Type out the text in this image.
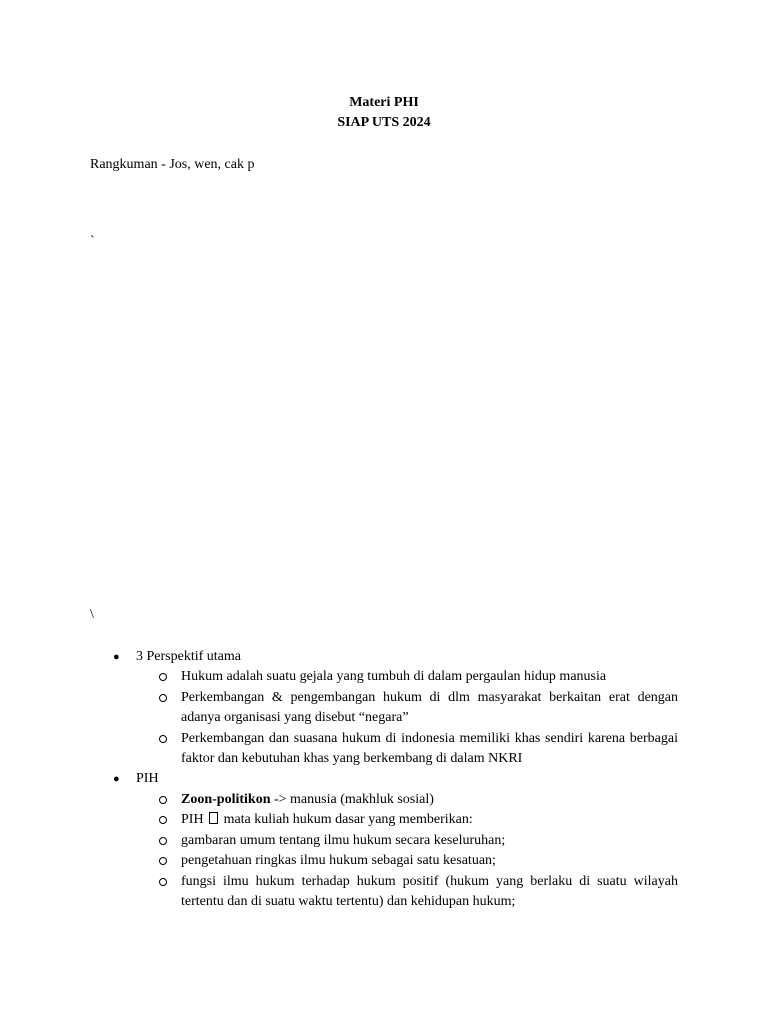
Materi PHI
SIAP UTS 2024
Rangkuman - Jos, wen, cak p
`
\
● 3 Perspektif utama
Hukum adalah suatu gejala yang tumbuh di dalam pergaulan hidup manusia
Perkembangan & pengembangan hukum di dlm masyarakat berkaitan erat dengan adanya organisasi yang disebut “negara”
Perkembangan dan suasana hukum di indonesia memiliki khas sendiri karena berbagai faktor dan kebutuhan khas yang berkembang di dalam NKRI
● PIH
Zoon-politikon -> manusia (makhluk sosial)
PIH mata kuliah hukum dasar yang memberikan:
gambaran umum tentang ilmu hukum secara keseluruhan;
pengetahuan ringkas ilmu hukum sebagai satu kesatuan;
fungsi ilmu hukum terhadap hukum positif (hukum yang berlaku di suatu wilayah tertentu dan di suatu waktu tertentu) dan kehidupan hukum;
